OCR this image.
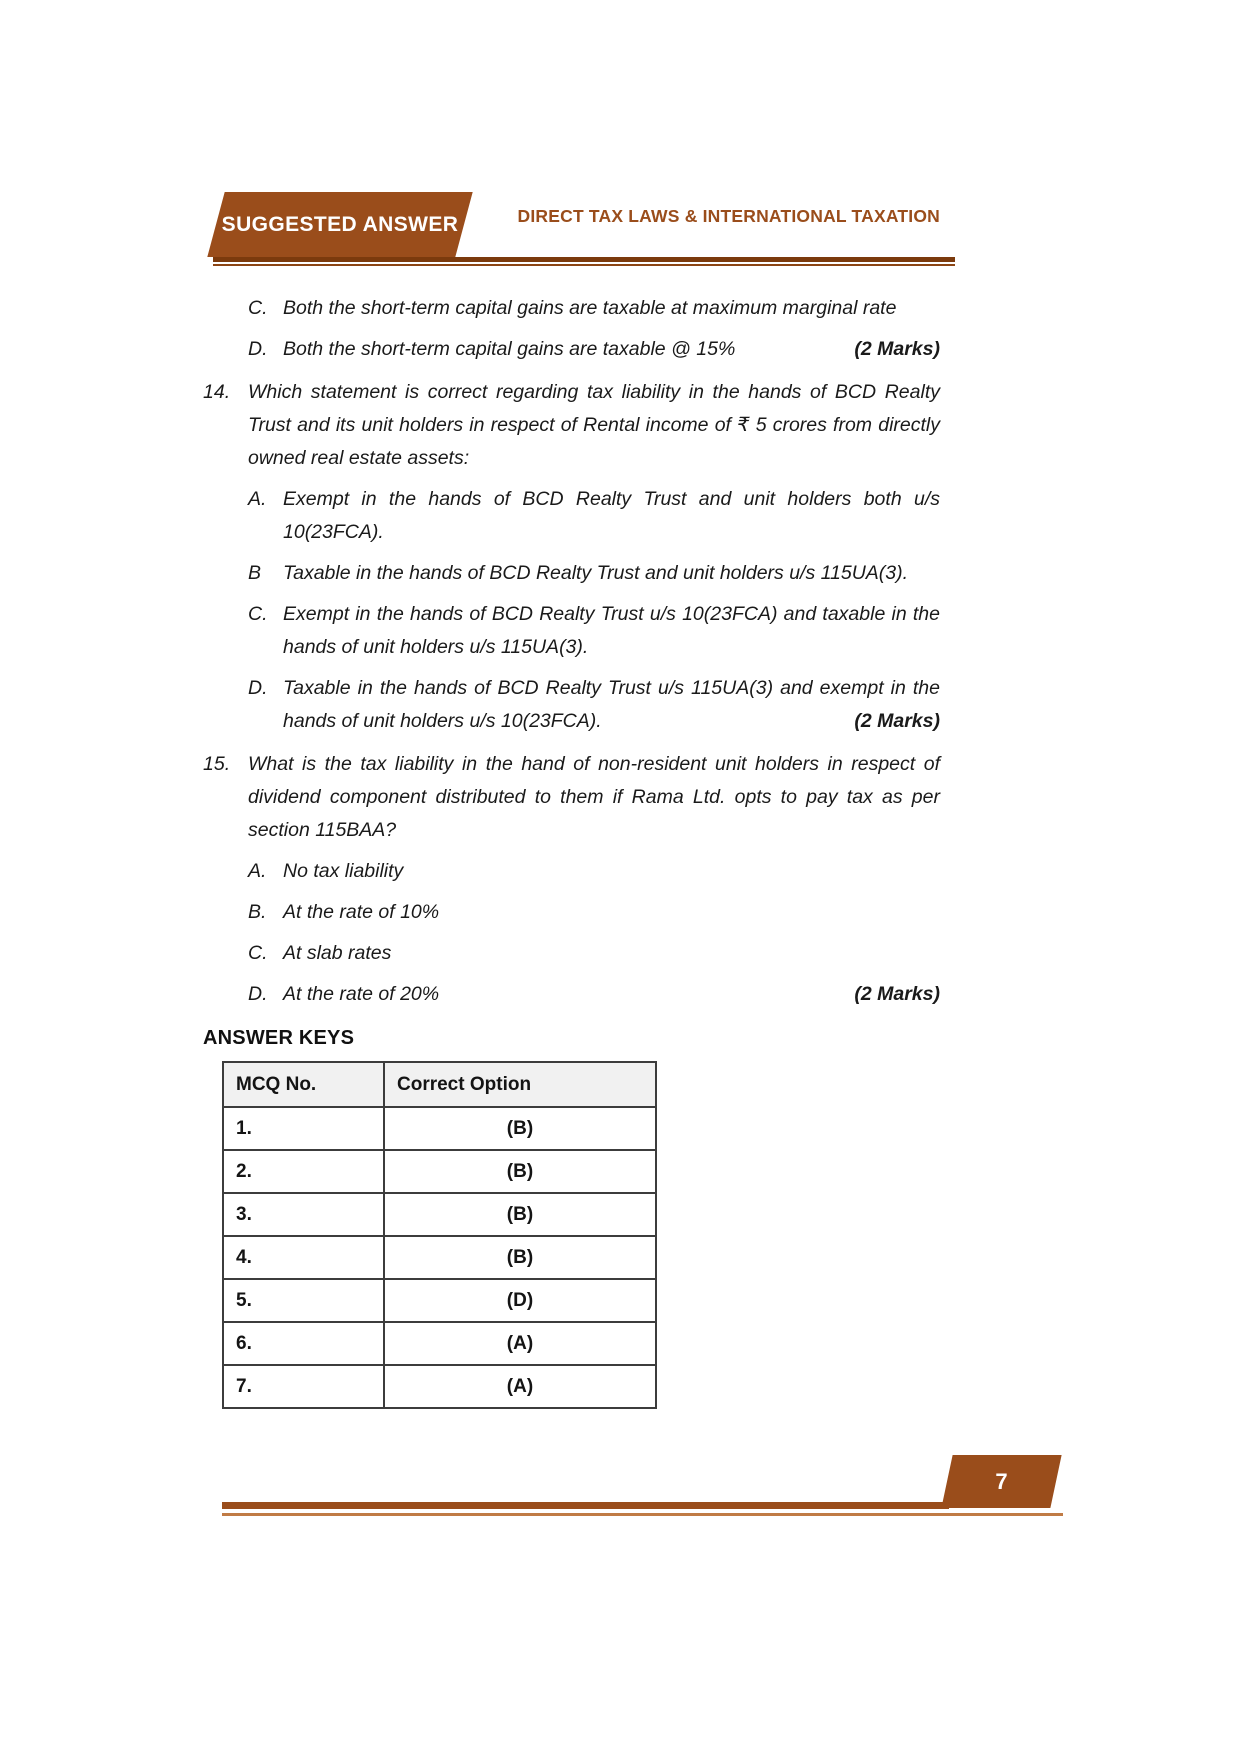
SUGGESTED ANSWER	DIRECT TAX LAWS & INTERNATIONAL TAXATION
C. Both the short-term capital gains are taxable at maximum marginal rate
D. Both the short-term capital gains are taxable @ 15%	(2 Marks)
14. Which statement is correct regarding tax liability in the hands of BCD Realty Trust and its unit holders in respect of Rental income of ₹ 5 crores from directly owned real estate assets:
A. Exempt in the hands of BCD Realty Trust and unit holders both u/s 10(23FCA).
B	Taxable in the hands of BCD Realty Trust and unit holders u/s 115UA(3).
C. Exempt in the hands of BCD Realty Trust u/s 10(23FCA) and taxable in the hands of unit holders u/s 115UA(3).
D. Taxable in the hands of BCD Realty Trust u/s 115UA(3) and exempt in the hands of unit holders u/s 10(23FCA).	(2 Marks)
15. What is the tax liability in the hand of non-resident unit holders in respect of dividend component distributed to them if Rama Ltd. opts to pay tax as per section 115BAA?
A. No tax liability
B. At the rate of 10%
C. At slab rates
D. At the rate of 20%	(2 Marks)
ANSWER KEYS
MCQ No.	Correct Option
1.	(B)
2.	(B)
3.	(B)
4.	(B)
5.	(D)
6.	(A)
7.	(A)
7
